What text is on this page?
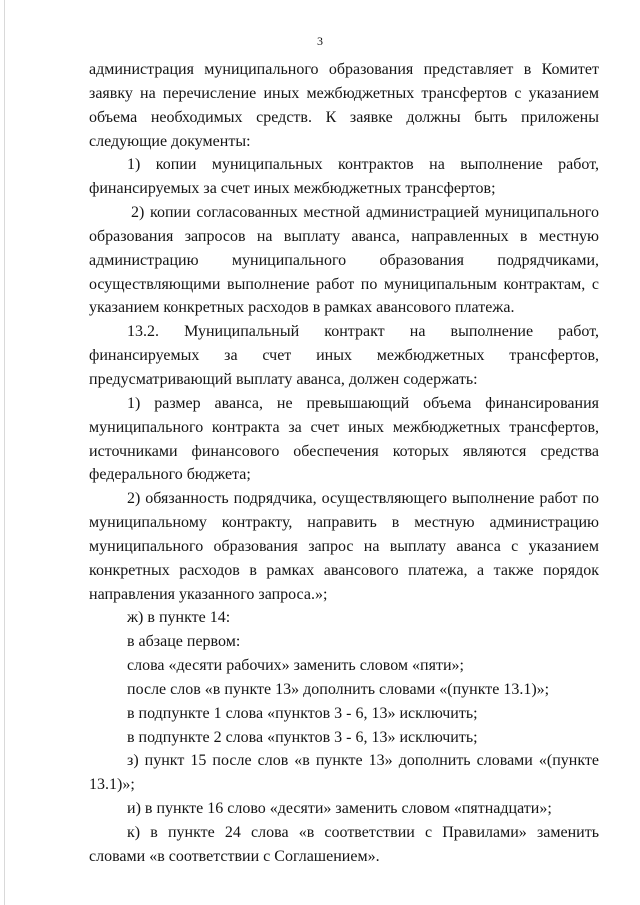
3

администрация муниципального образования представляет в Комитет заявку на перечисление иных межбюджетных трансфертов с указанием объема необходимых средств. К заявке должны быть приложены следующие документы:

1) копии муниципальных контрактов на выполнение работ, финансируемых за счет иных межбюджетных трансфертов;

2) копии согласованных местной администрацией муниципального образования запросов на выплату аванса, направленных в местную администрацию муниципального образования подрядчиками, осуществляющими выполнение работ по муниципальным контрактам, с указанием конкретных расходов в рамках авансового платежа.

13.2. Муниципальный контракт на выполнение работ, финансируемых за счет иных межбюджетных трансфертов, предусматривающий выплату аванса, должен содержать:

1) размер аванса, не превышающий объема финансирования муниципального контракта за счет иных межбюджетных трансфертов, источниками финансового обеспечения которых являются средства федерального бюджета;

2) обязанность подрядчика, осуществляющего выполнение работ по муниципальному контракту, направить в местную администрацию муниципального образования запрос на выплату аванса с указанием конкретных расходов в рамках авансового платежа, а также порядок направления указанного запроса.»;

ж) в пункте 14:

в абзаце первом:

слова «десяти рабочих» заменить словом «пяти»;

после слов «в пункте 13» дополнить словами «(пункте 13.1)»;

в подпункте 1 слова «пунктов 3 - 6, 13» исключить;

в подпункте 2 слова «пунктов 3 - 6, 13» исключить;

з) пункт 15 после слов «в пункте 13» дополнить словами «(пункте 13.1)»;

и) в пункте 16 слово «десяти» заменить словом «пятнадцати»;

к) в пункте 24 слова «в соответствии с Правилами» заменить словами «в соответствии с Соглашением».
